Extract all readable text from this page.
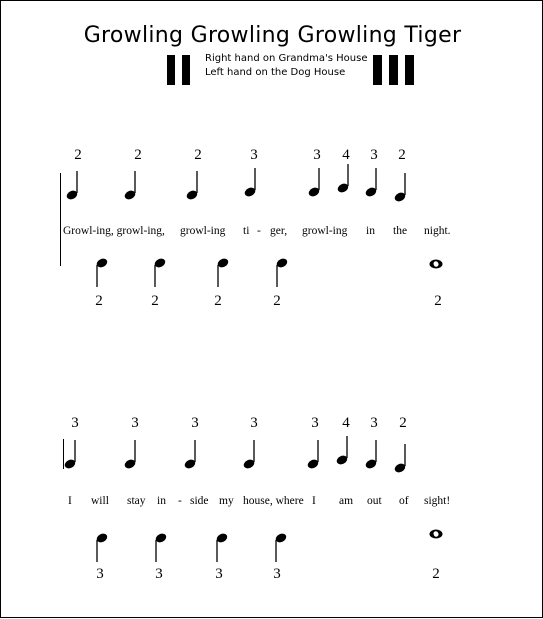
Growling Growling Growling Tiger
Right hand on Grandma's House
Left hand on the Dog House
2	2	2	3	3	4	3	2
Growl-ing, growl-ing, growl-ing ti - ger, growl-ing in the night.
2	2	2	2	2
3	3	3	3	3	4	3	2
I will stay in - side my house, where I am out of sight!
3	3	3	3	2
